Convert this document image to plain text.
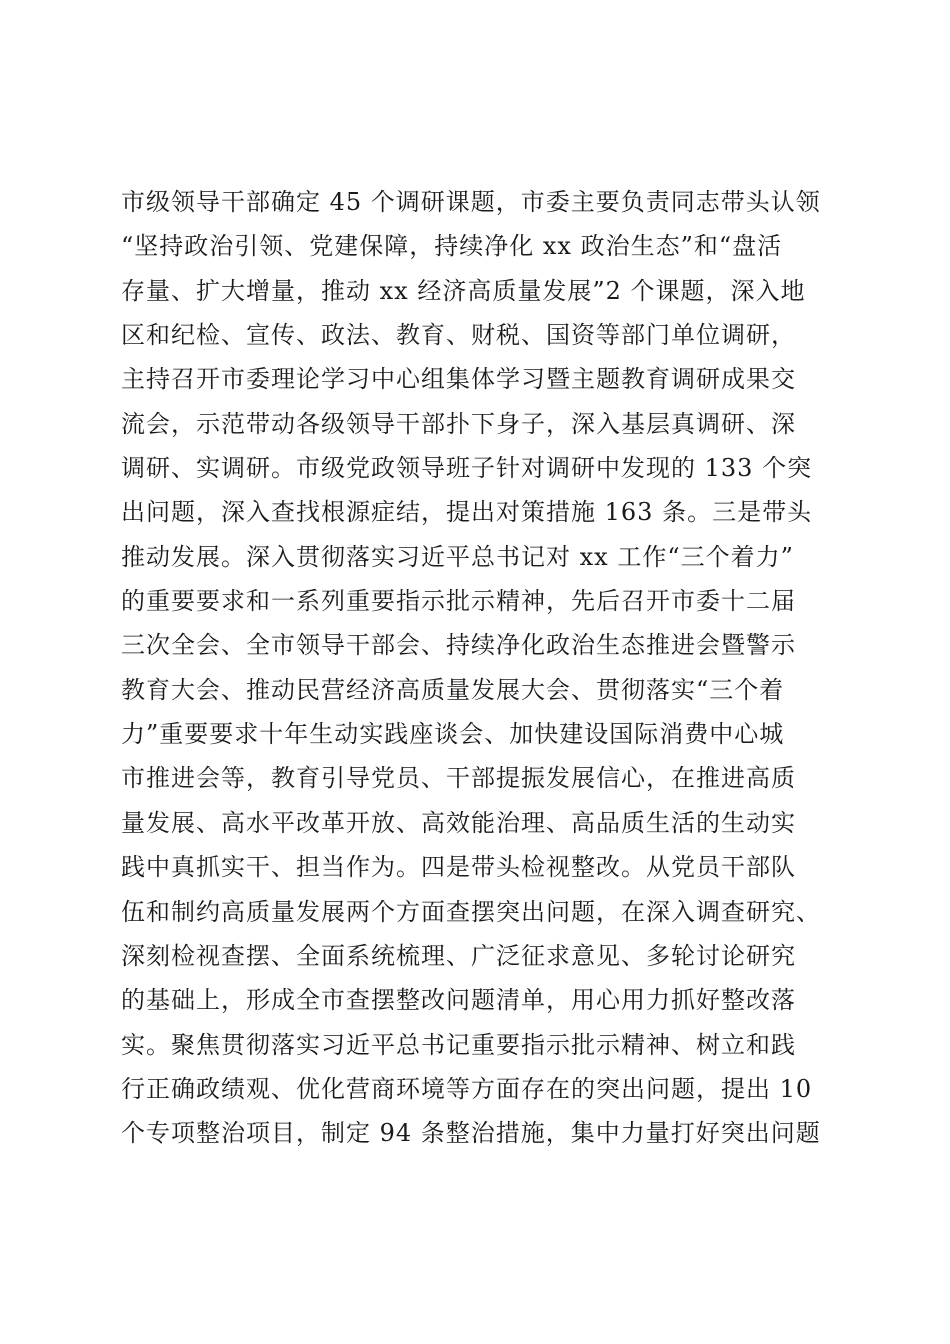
市级领导干部确定 45 个调研课题，市委主要负责同志带头认领
“坚持政治引领、党建保障，持续净化 xx 政治生态”和“盘活
存量、扩大增量，推动 xx 经济高质量发展”2 个课题，深入地
区和纪检、宣传、政法、教育、财税、国资等部门单位调研，
主持召开市委理论学习中心组集体学习暨主题教育调研成果交
流会，示范带动各级领导干部扑下身子，深入基层真调研、深
调研、实调研。市级党政领导班子针对调研中发现的 133 个突
出问题，深入查找根源症结，提出对策措施 163 条。三是带头
推动发展。深入贯彻落实习近平总书记对 xx 工作“三个着力”
的重要要求和一系列重要指示批示精神，先后召开市委十二届
三次全会、全市领导干部会、持续净化政治生态推进会暨警示
教育大会、推动民营经济高质量发展大会、贯彻落实“三个着
力”重要要求十年生动实践座谈会、加快建设国际消费中心城
市推进会等，教育引导党员、干部提振发展信心，在推进高质
量发展、高水平改革开放、高效能治理、高品质生活的生动实
践中真抓实干、担当作为。四是带头检视整改。从党员干部队
伍和制约高质量发展两个方面查摆突出问题，在深入调查研究、
深刻检视查摆、全面系统梳理、广泛征求意见、多轮讨论研究
的基础上，形成全市查摆整改问题清单，用心用力抓好整改落
实。聚焦贯彻落实习近平总书记重要指示批示精神、树立和践
行正确政绩观、优化营商环境等方面存在的突出问题，提出 10
个专项整治项目，制定 94 条整治措施，集中力量打好突出问题
